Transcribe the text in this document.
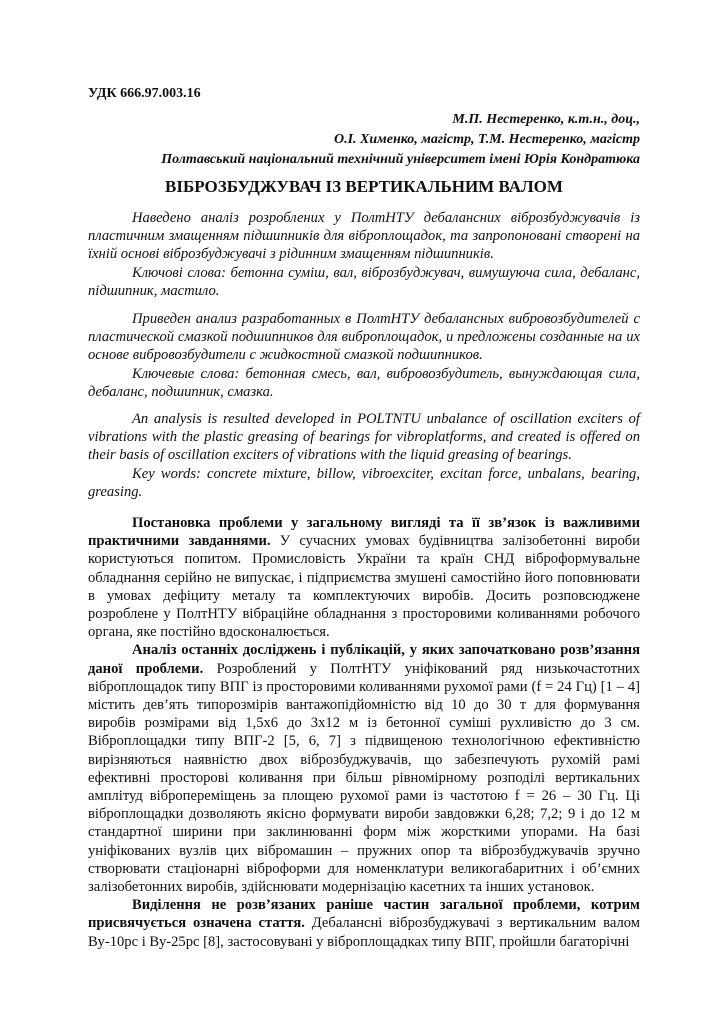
УДК 666.97.003.16
М.П. Нестеренко, к.т.н., доц.,
О.І. Хименко, магістр, Т.М. Нестеренко, магістр
Полтавський національний технічний університет імені Юрія Кондратюка
ВІБРОЗБУДЖУВАЧ ІЗ ВЕРТИКАЛЬНИМ ВАЛОМ

Наведено аналіз розроблених у ПолтНТУ дебалансних віброзбуджувачів із пластичним змащенням підшипників для віброплощадок, та запропоновані створені на їхній основі віброзбуджувачі з рідинним змащенням підшипників.

Ключові слова: бетонна суміш, вал, віброзбуджувач, вимушуюча сила, дебаланс, підшипник, мастило.

Приведен анализ разработанных в ПолтНТУ дебалансных вибровозбудителей с пластической смазкой подшипников для виброплощадок, и предложены созданные на их основе вибровозбудители с жидкостной смазкой подшипников.

Ключевые слова: бетонная смесь, вал, вибровозбудитель, вынуждающая сила, дебаланс, подшипник, смазка.

An analysis is resulted developed in POLTNTU unbalance of oscillation exciters of vibrations with the plastic greasing of bearings for vibroplatforms, and created is offered on their basis of oscillation exciters of vibrations with the liquid greasing of bearings.

Key words: concrete mixture, billow, vibroexciter, excitan force, unbalans, bearing, greasing.

Постановка проблеми у загальному вигляді та її зв’язок із важливими практичними завданнями. У сучасних умовах будівництва залізобетонні вироби користуються попитом. Промисловість України та країн СНД віброформувальне обладнання серійно не випускає, і підприємства змушені самостійно його поповнювати в умовах дефіциту металу та комплектуючих виробів. Досить розповсюджене розроблене у ПолтНТУ вібраційне обладнання з просторовими коливаннями робочого органа, яке постійно вдосконалюється.

Аналіз останніх досліджень і публікацій, у яких започатковано розв’язання даної проблеми. Розроблений у ПолтНТУ уніфікований ряд низькочастотних віброплощадок типу ВПГ із просторовими коливаннями рухомої рами (f = 24 Гц) [1 – 4] містить дев’ять типорозмірів вантажопідйомністю від 10 до 30 т для формування виробів розмірами від 1,5х6 до 3х12 м із бетонної суміші рухливістю до 3 см. Віброплощадки типу ВПГ-2 [5, 6, 7] з підвищеною технологічною ефективністю вирізняються наявністю двох віброзбуджувачів, що забезпечують рухомій рамі ефективні просторові коливання при більш рівномірному розподілі вертикальних амплітуд вібропереміщень за площею рухомої рами із частотою f = 26 – 30 Гц. Ці віброплощадки дозволяють якісно формувати вироби завдовжки 6,28; 7,2; 9 і до 12 м стандартної ширини при заклинюванні форм між жорсткими упорами. На базі уніфікованих вузлів цих вібромашин – пружних опор та віброзбуджувачів зручно створювати стаціонарні віброформи для номенклатури великогабаритних і об’ємних залізобетонних виробів, здійснювати модернізацію касетних та інших установок.

Виділення не розв’язаних раніше частин загальної проблеми, котрим присвячується означена стаття. Дебалансні віброзбуджувачі з вертикальним валом Ву-10рс і Ву-25рс [8], застосовувані у віброплощадках типу ВПГ, пройшли багаторічні
